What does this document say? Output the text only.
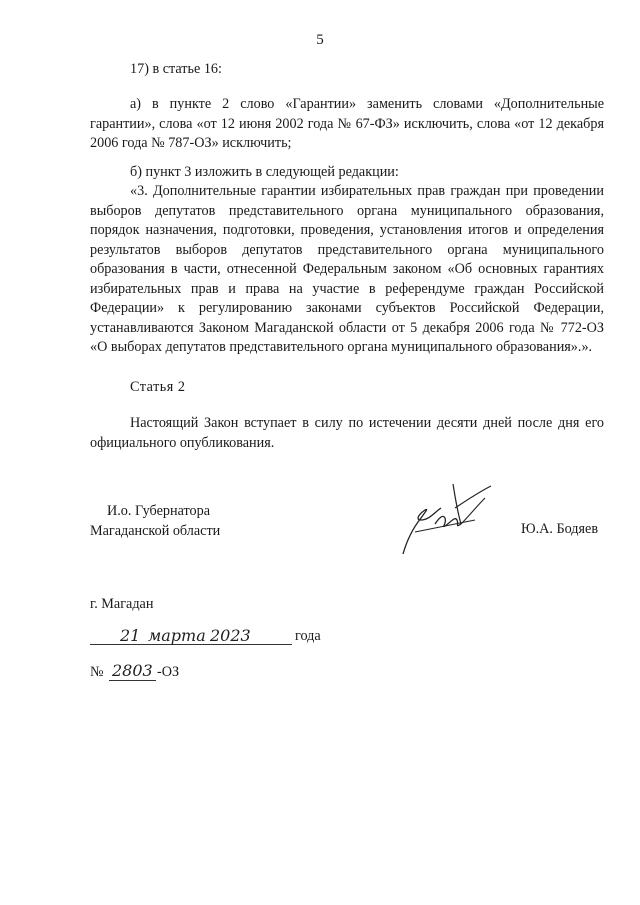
5

17) в статье 16:

а) в пункте 2 слово «Гарантии» заменить словами «Дополнительные гарантии», слова «от 12 июня 2002 года № 67-ФЗ» исключить, слова «от 12 декабря 2006 года № 787-ОЗ» исключить;

б) пункт 3 изложить в следующей редакции:

«3. Дополнительные гарантии избирательных прав граждан при проведении выборов депутатов представительного органа муниципального образования, порядок назначения, подготовки, проведения, установления итогов и определения результатов выборов депутатов представительного органа муниципального образования в части, отнесенной Федеральным законом «Об основных гарантиях избирательных прав и права на участие в референдуме граждан Российской Федерации» к регулированию законами субъектов Российской Федерации, устанавливаются Законом Магаданской области от 5 декабря 2006 года № 772-ОЗ «О выборах депутатов представительного органа муниципального образования».».

Статья 2

Настоящий Закон вступает в силу по истечении десяти дней после дня его официального опубликования.

И.о. Губернатора
Магаданской области	Ю.А. Бодяев
г. Магадан
21 марта 2023	года
№ 2803 -ОЗ
